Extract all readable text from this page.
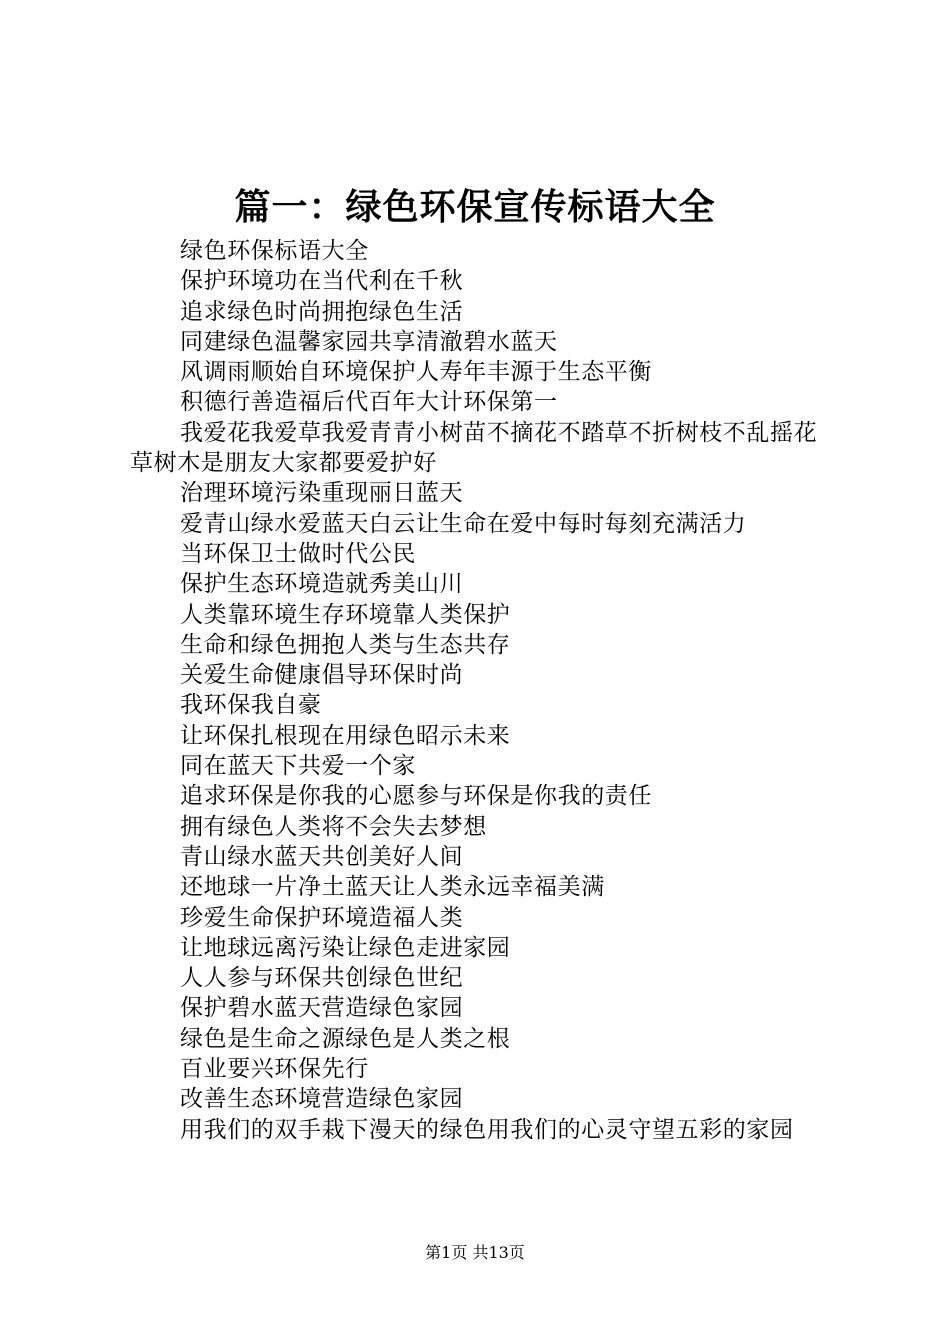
篇一：绿色环保宣传标语大全

绿色环保标语大全

保护环境功在当代利在千秋

追求绿色时尚拥抱绿色生活

同建绿色温馨家园共享清澈碧水蓝天

风调雨顺始自环境保护人寿年丰源于生态平衡

积德行善造福后代百年大计环保第一

我爱花我爱草我爱青青小树苗不摘花不踏草不折树枝不乱摇花草树木是朋友大家都要爱护好

治理环境污染重现丽日蓝天

爱青山绿水爱蓝天白云让生命在爱中每时每刻充满活力

当环保卫士做时代公民

保护生态环境造就秀美山川

人类靠环境生存环境靠人类保护

生命和绿色拥抱人类与生态共存

关爱生命健康倡导环保时尚

我环保我自豪

让环保扎根现在用绿色昭示未来

同在蓝天下共爱一个家

追求环保是你我的心愿参与环保是你我的责任

拥有绿色人类将不会失去梦想

青山绿水蓝天共创美好人间

还地球一片净土蓝天让人类永远幸福美满

珍爱生命保护环境造福人类

让地球远离污染让绿色走进家园

人人参与环保共创绿色世纪

保护碧水蓝天营造绿色家园

绿色是生命之源绿色是人类之根

百业要兴环保先行

改善生态环境营造绿色家园

用我们的双手栽下漫天的绿色用我们的心灵守望五彩的家园

第1页 共13页
